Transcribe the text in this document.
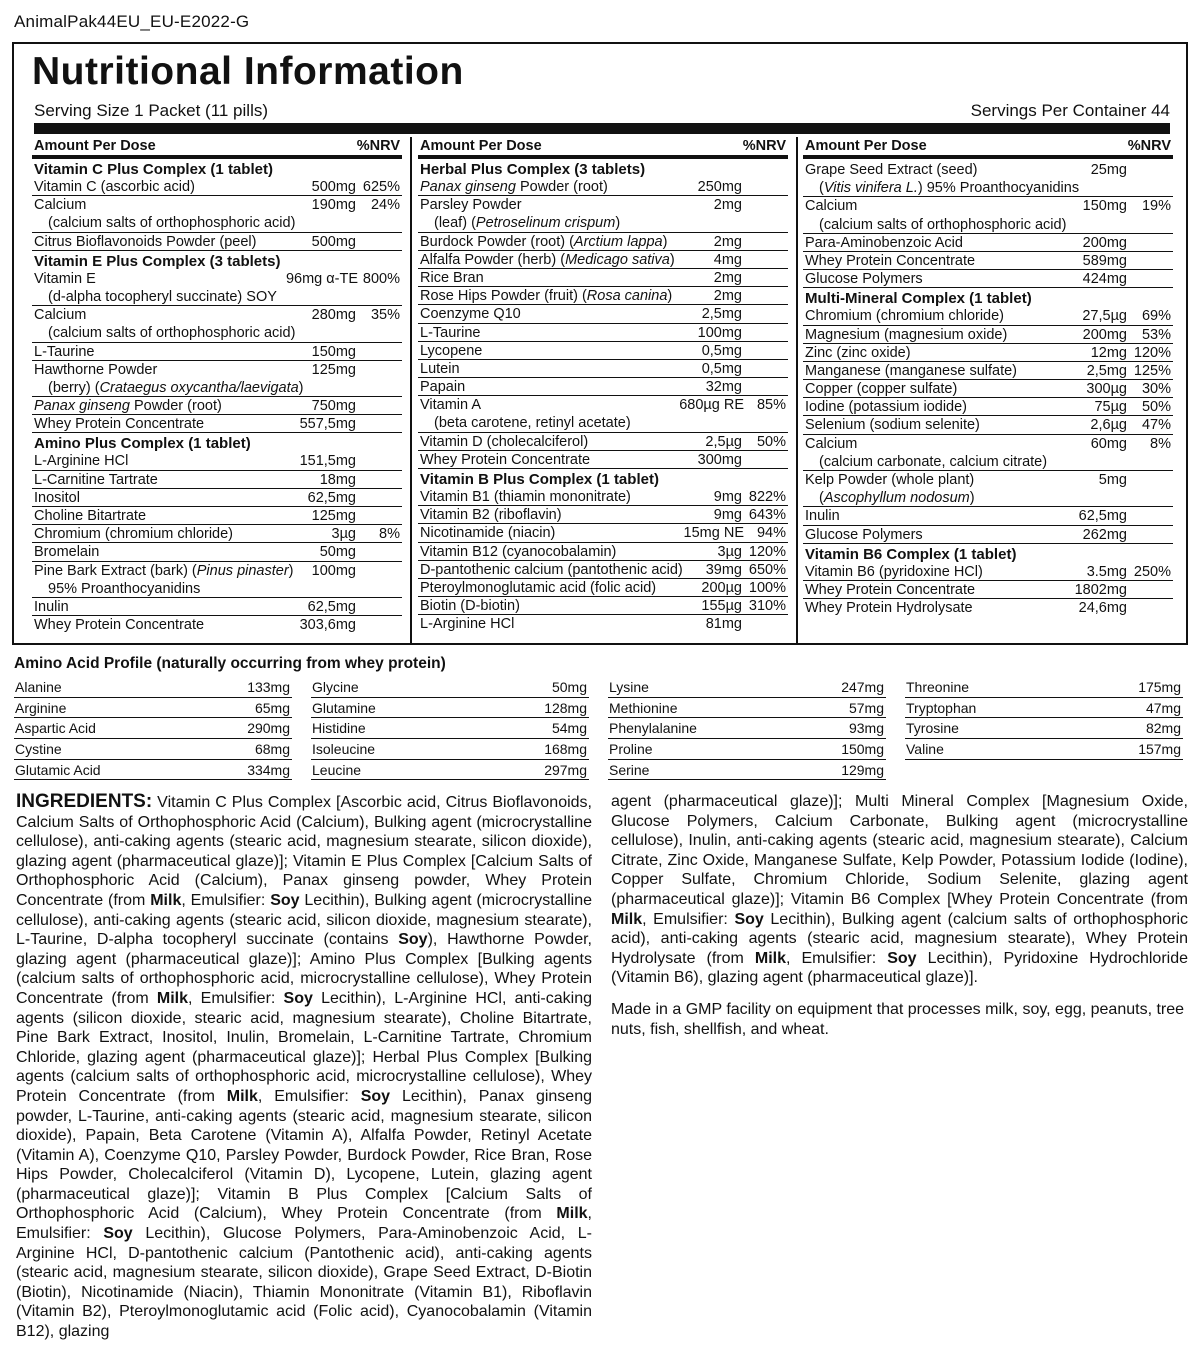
AnimalPak44EU_EU-E2022-G
Nutritional Information
Serving Size 1 Packet (11 pills)	Servings Per Container 44
Amount Per Dose	%NRV
Vitamin C Plus Complex (1 tablet)
Vitamin C (ascorbic acid)	500mg 625%
Calcium	190mg 24%
(calcium salts of orthophosphoric acid)
Citrus Bioflavonoids Powder (peel)	500mg
Vitamin E Plus Complex (3 tablets)
Vitamin E	96mg α-TE 800%
(d-alpha tocopheryl succinate) SOY
Calcium	280mg 35%
(calcium salts of orthophosphoric acid)
L-Taurine	150mg
Hawthorne Powder	125mg
(berry) (Crataegus oxycantha/laevigata)
Panax ginseng Powder (root)	750mg
Whey Protein Concentrate	557,5mg
Amino Plus Complex (1 tablet)
L-Arginine HCl	151,5mg
L-Carnitine Tartrate	18mg
Inositol	62,5mg
Choline Bitartrate	125mg
Chromium (chromium chloride)	3µg 8%
Bromelain	50mg
Pine Bark Extract (bark) (Pinus pinaster) 100mg
95% Proanthocyanidins
Inulin	62,5mg
Whey Protein Concentrate	303,6mg
Amount Per Dose	%NRV
Herbal Plus Complex (3 tablets)
Panax ginseng Powder (root)	250mg
Parsley Powder	2mg
(leaf) (Petroselinum crispum)
Burdock Powder (root) (Arctium lappa)	2mg
Alfalfa Powder (herb) (Medicago sativa)	4mg
Rice Bran	2mg
Rose Hips Powder (fruit) (Rosa canina)	2mg
Coenzyme Q10	2,5mg
L-Taurine	100mg
Lycopene	0,5mg
Lutein	0,5mg
Papain	32mg
Vitamin A	680µg RE 85%
(beta carotene, retinyl acetate)
Vitamin D (cholecalciferol)	2,5µg 50%
Whey Protein Concentrate	300mg
Vitamin B Plus Complex (1 tablet)
Vitamin B1 (thiamin mononitrate)	9mg 822%
Vitamin B2 (riboflavin)	9mg 643%
Nicotinamide (niacin)	15mg NE 94%
Vitamin B12 (cyanocobalamin)	3µg 120%
D-pantothenic calcium (pantothenic acid) 39mg 650%
Pteroylmonoglutamic acid (folic acid)	200µg 100%
Biotin (D-biotin)	155µg 310%
L-Arginine HCl	81mg
Amount Per Dose	%NRV
Grape Seed Extract (seed)	25mg
(Vitis vinifera L.) 95% Proanthocyanidins
Calcium	150mg 19%
(calcium salts of orthophosphoric acid)
Para-Aminobenzoic Acid	200mg
Whey Protein Concentrate	589mg
Glucose Polymers	424mg
Multi-Mineral Complex (1 tablet)
Chromium (chromium chloride)	27,5µg 69%
Magnesium (magnesium oxide)	200mg 53%
Zinc (zinc oxide)	12mg 120%
Manganese (manganese sulfate)	2,5mg 125%
Copper (copper sulfate)	300µg 30%
Iodine (potassium iodide)	75µg 50%
Selenium (sodium selenite)	2,6µg 47%
Calcium	60mg 8%
(calcium carbonate, calcium citrate)
Kelp Powder (whole plant)	5mg
(Ascophyllum nodosum)
Inulin	62,5mg
Glucose Polymers	262mg
Vitamin B6 Complex (1 tablet)
Vitamin B6 (pyridoxine HCl)	3.5mg 250%
Whey Protein Concentrate	1802mg
Whey Protein Hydrolysate	24,6mg
Amino Acid Profile (naturally occurring from whey protein)
Alanine	133mg
Arginine	65mg
Aspartic Acid	290mg
Cystine	68mg
Glutamic Acid	334mg
Glycine	50mg
Glutamine	128mg
Histidine	54mg
Isoleucine	168mg
Leucine	297mg
Lysine	247mg
Methionine	57mg
Phenylalanine	93mg
Proline	150mg
Serine	129mg
Threonine	175mg
Tryptophan	47mg
Tyrosine	82mg
Valine	157mg
INGREDIENTS: Vitamin C Plus Complex [Ascorbic acid, Citrus Bioflavonoids, Calcium Salts of Orthophosphoric Acid (Calcium), Bulking agent (microcrystalline cellulose), anti-caking agents (stearic acid, magnesium stearate, silicon dioxide), glazing agent (pharmaceutical glaze)]; Vitamin E Plus Complex [Calcium Salts of Orthophosphoric Acid (Calcium), Panax ginseng powder, Whey Protein Concentrate (from Milk, Emulsifier: Soy Lecithin), Bulking agent (microcrystalline cellulose), anti-caking agents (stearic acid, silicon dioxide, magnesium stearate), L-Taurine, D-alpha tocopheryl succinate (contains Soy), Hawthorne Powder, glazing agent (pharmaceutical glaze)]; Amino Plus Complex [Bulking agents (calcium salts of orthophosphoric acid, microcrystalline cellulose), Whey Protein Concentrate (from Milk, Emulsifier: Soy Lecithin), L-Arginine HCl, anti-caking agents (silicon dioxide, stearic acid, magnesium stearate), Choline Bitartrate, Pine Bark Extract, Inositol, Inulin, Bromelain, L-Carnitine Tartrate, Chromium Chloride, glazing agent (pharmaceutical glaze)]; Herbal Plus Complex [Bulking agents (calcium salts of orthophosphoric acid, microcrystalline cellulose), Whey Protein Concentrate (from Milk, Emulsifier: Soy Lecithin), Panax ginseng powder, L-Taurine, anti-caking agents (stearic acid, magnesium stearate, silicon dioxide), Papain, Beta Carotene (Vitamin A), Alfalfa Powder, Retinyl Acetate (Vitamin A), Coenzyme Q10, Parsley Powder, Burdock Powder, Rice Bran, Rose Hips Powder, Cholecalciferol (Vitamin D), Lycopene, Lutein, glazing agent (pharmaceutical glaze)]; Vitamin B Plus Complex [Calcium Salts of Orthophosphoric Acid (Calcium), Whey Protein Concentrate (from Milk, Emulsifier: Soy Lecithin), Glucose Polymers, Para-Aminobenzoic Acid, L-Arginine HCl, D-pantothenic calcium (Pantothenic acid), anti-caking agents (stearic acid, magnesium stearate, silicon dioxide), Grape Seed Extract, D-Biotin (Biotin), Nicotinamide (Niacin), Thiamin Mononitrate (Vitamin B1), Riboflavin (Vitamin B2), Pteroylmonoglutamic acid (Folic acid), Cyanocobalamin (Vitamin B12), glazing
agent (pharmaceutical glaze)]; Multi Mineral Complex [Magnesium Oxide, Glucose Polymers, Calcium Carbonate, Bulking agent (microcrystalline cellulose), Inulin, anti-caking agents (stearic acid, magnesium stearate), Calcium Citrate, Zinc Oxide, Manganese Sulfate, Kelp Powder, Potassium Iodide (Iodine), Copper Sulfate, Chromium Chloride, Sodium Selenite, glazing agent (pharmaceutical glaze)]; Vitamin B6 Complex [Whey Protein Concentrate (from Milk, Emulsifier: Soy Lecithin), Bulking agent (calcium salts of orthophosphoric acid), anti-caking agents (stearic acid, magnesium stearate), Whey Protein Hydrolysate (from Milk, Emulsifier: Soy Lecithin), Pyridoxine Hydrochloride (Vitamin B6), glazing agent (pharmaceutical glaze)].
Made in a GMP facility on equipment that processes milk, soy, egg, peanuts, tree nuts, fish, shellfish, and wheat.
